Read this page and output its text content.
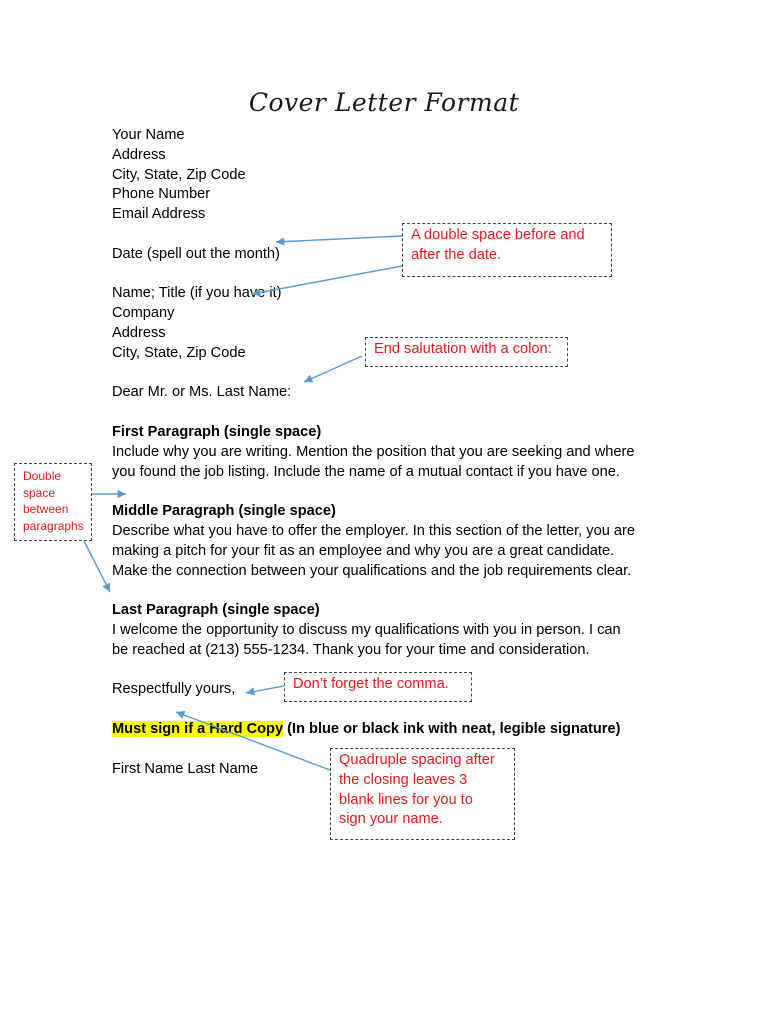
Cover Letter Format
Your Name
Address
City, State, Zip Code
Phone Number
Email Address
Date (spell out the month)
Name; Title (if you have it)
Company
Address
City, State, Zip Code
Dear Mr. or Ms. Last Name:
First Paragraph (single space)
Include why you are writing. Mention the position that you are seeking and where
you found the job listing. Include the name of a mutual contact if you have one.
Middle Paragraph (single space)
Describe what you have to offer the employer. In this section of the letter, you are
making a pitch for your fit as an employee and why you are a great candidate.
Make the connection between your qualifications and the job requirements clear.
Last Paragraph (single space)
I welcome the opportunity to discuss my qualifications with you in person. I can
be reached at (213) 555-1234. Thank you for your time and consideration.
Respectfully yours,
Must sign if a Hard Copy (In blue or black ink with neat, legible signature)
First Name Last Name
A double space before and
after the date.
End salutation with a colon:
Double
space
between
paragraphs
Don’t forget the comma.
Quadruple spacing after
the closing leaves 3
blank lines for you to
sign your name.
